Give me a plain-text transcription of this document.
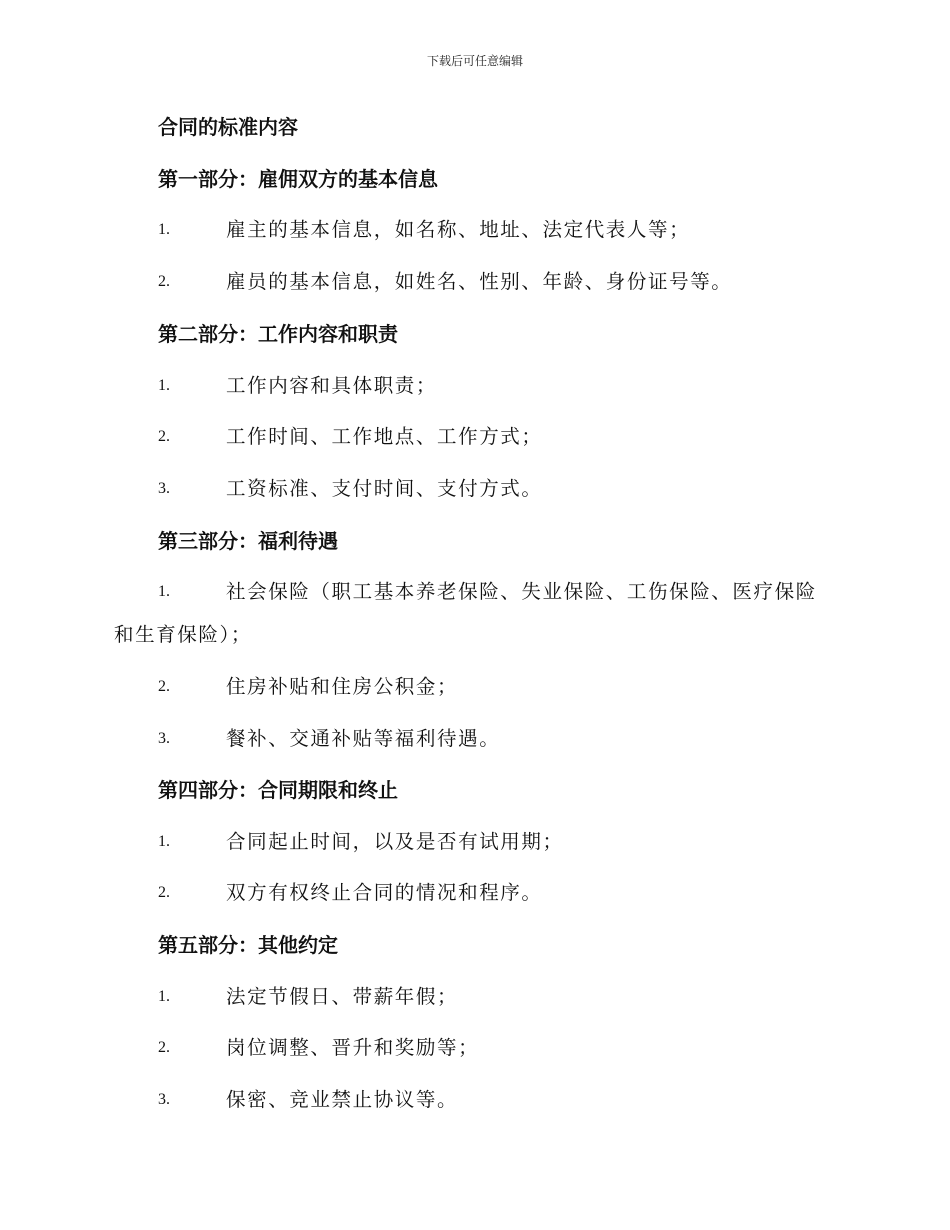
下载后可任意编辑
合同的标准内容
第一部分：雇佣双方的基本信息
1.	雇主的基本信息，如名称、地址、法定代表人等；
2.	雇员的基本信息，如姓名、性别、年龄、身份证号等。
第二部分：工作内容和职责
1.	工作内容和具体职责；
2.	工作时间、工作地点、工作方式；
3.	工资标准、支付时间、支付方式。
第三部分：福利待遇
1.	社会保险（职工基本养老保险、失业保险、工伤保险、医疗保险
和生育保险）；
2.	住房补贴和住房公积金；
3.	餐补、交通补贴等福利待遇。
第四部分：合同期限和终止
1.	合同起止时间，以及是否有试用期；
2.	双方有权终止合同的情况和程序。
第五部分：其他约定
1.	法定节假日、带薪年假；
2.	岗位调整、晋升和奖励等；
3.	保密、竞业禁止协议等。
